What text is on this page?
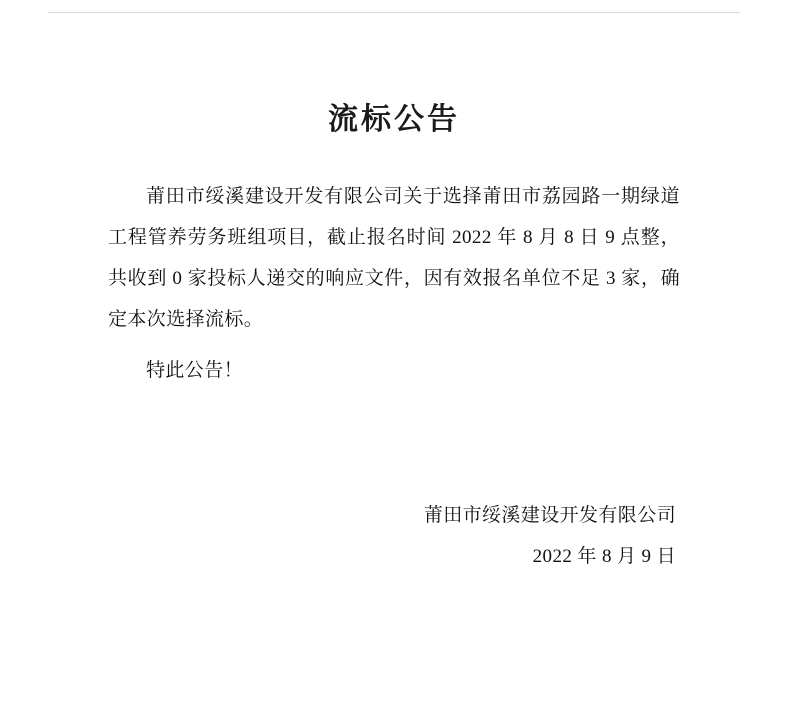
流标公告

莆田市绥溪建设开发有限公司关于选择莆田市荔园路一期绿道工程管养劳务班组项目，截止报名时间 2022 年 8 月 8 日 9 点整，共收到 0 家投标人递交的响应文件，因有效报名单位不足 3 家，确定本次选择流标。

特此公告！

莆田市绥溪建设开发有限公司
2022 年 8 月 9 日
